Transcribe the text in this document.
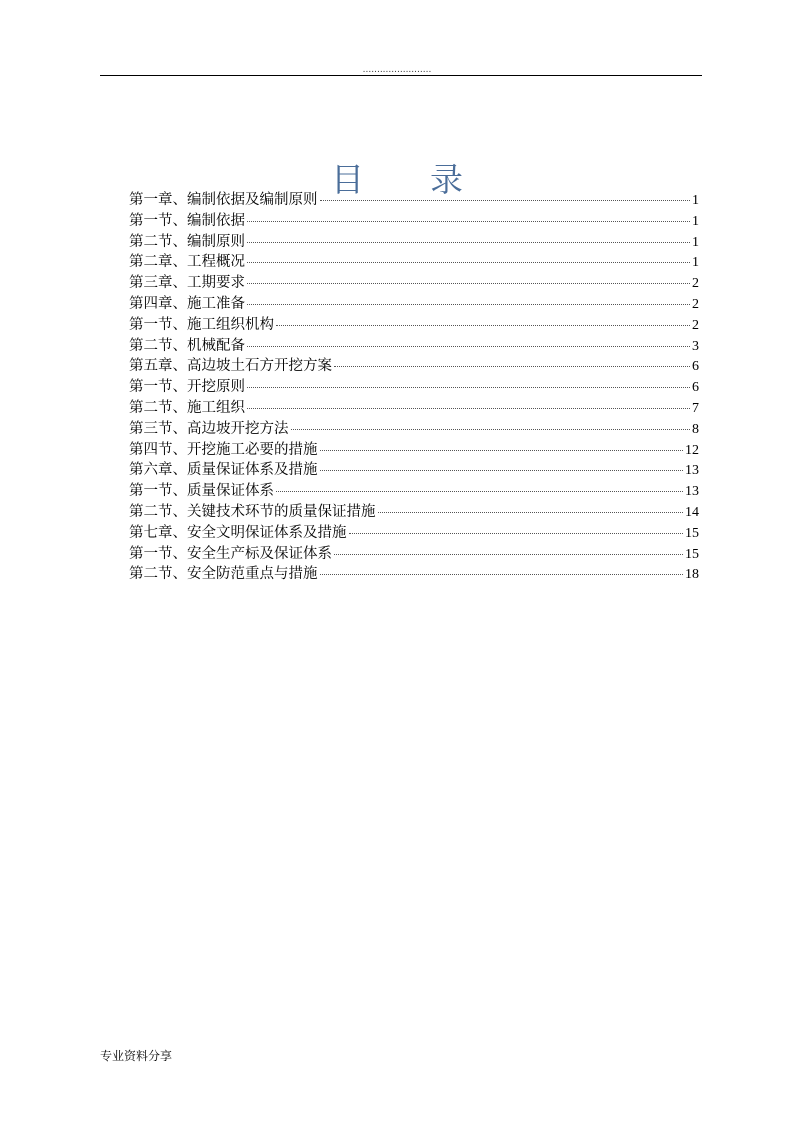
........................
目 录
第一章、编制依据及编制原则	1
第一节、编制依据	1
第二节、编制原则	1
第二章、工程概况	1
第三章、工期要求	2
第四章、施工准备	2
第一节、施工组织机构	2
第二节、机械配备	3
第五章、高边坡土石方开挖方案	6
第一节、开挖原则	6
第二节、施工组织	7
第三节、高边坡开挖方法	8
第四节、开挖施工必要的措施	12
第六章、质量保证体系及措施	13
第一节、质量保证体系	13
第二节、关键技术环节的质量保证措施	14
第七章、安全文明保证体系及措施	15
第一节、安全生产标及保证体系	15
第二节、安全防范重点与措施	18
专业资料分享
